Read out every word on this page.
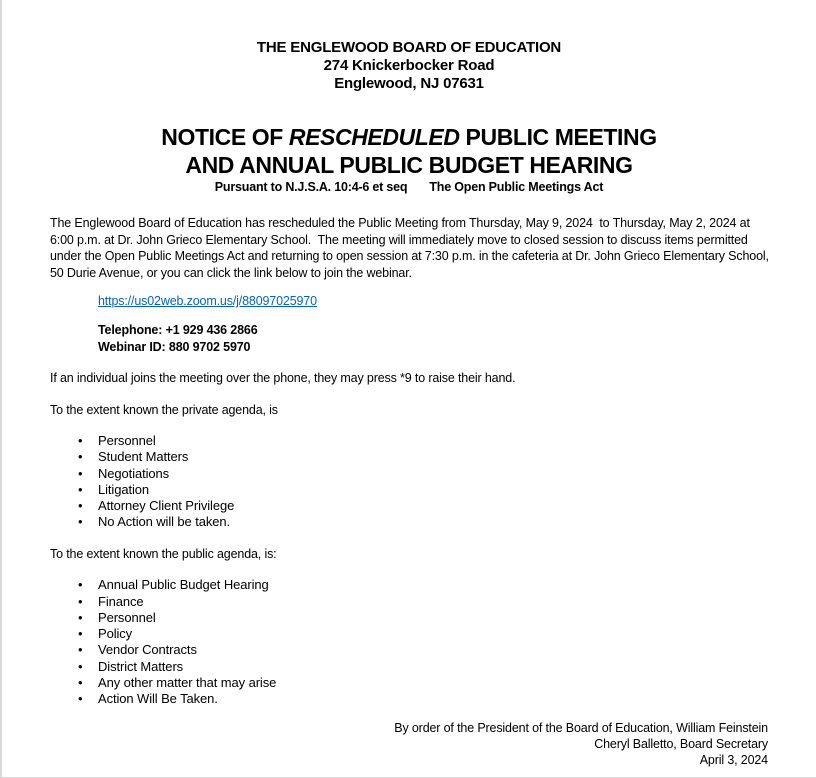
THE ENGLEWOOD BOARD OF EDUCATION
274 Knickerbocker Road
Englewood, NJ 07631
NOTICE OF RESCHEDULED PUBLIC MEETING
AND ANNUAL PUBLIC BUDGET HEARING
Pursuant to N.J.S.A. 10:4-6 et seq The Open Public Meetings Act
The Englewood Board of Education has rescheduled the Public Meeting from Thursday, May 9, 2024  to Thursday, May 2, 2024 at 6:00 p.m. at Dr. John Grieco Elementary School.  The meeting will immediately move to closed session to discuss items permitted under the Open Public Meetings Act and returning to open session at 7:30 p.m. in the cafeteria at Dr. John Grieco Elementary School, 50 Durie Avenue, or you can click the link below to join the webinar.
https://us02web.zoom.us/j/88097025970
Telephone: +1 929 436 2866
Webinar ID: 880 9702 5970
If an individual joins the meeting over the phone, they may press *9 to raise their hand.
To the extent known the private agenda, is
• Personnel
• Student Matters
• Negotiations
• Litigation
• Attorney Client Privilege
• No Action will be taken.
To the extent known the public agenda, is:
• Annual Public Budget Hearing
• Finance
• Personnel
• Policy
• Vendor Contracts
• District Matters
• Any other matter that may arise
• Action Will Be Taken.
By order of the President of the Board of Education, William Feinstein
Cheryl Balletto, Board Secretary
April 3, 2024
